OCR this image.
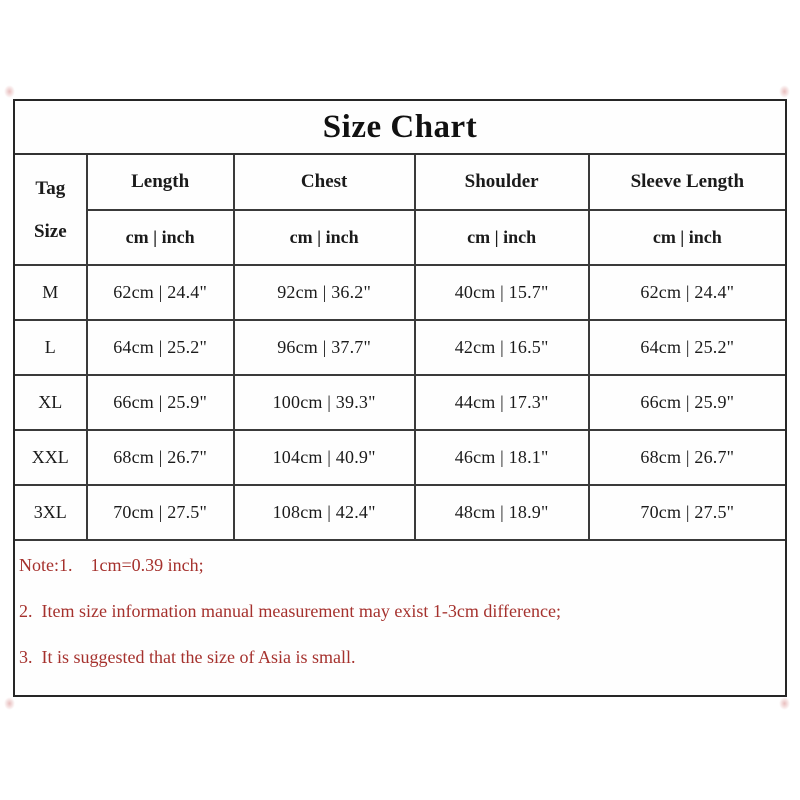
Size Chart
Tag
Size	Length	Chest	Shoulder	Sleeve Length
	cm | inch	cm | inch	cm | inch	cm | inch
M	62cm | 24.4"	92cm | 36.2"	40cm | 15.7"	62cm | 24.4"
L	64cm | 25.2"	96cm | 37.7"	42cm | 16.5"	64cm | 25.2"
XL	66cm | 25.9"	100cm | 39.3"	44cm | 17.3"	66cm | 25.9"
XXL	68cm | 26.7"	104cm | 40.9"	46cm | 18.1"	68cm | 26.7"
3XL	70cm | 27.5"	108cm | 42.4"	48cm | 18.9"	70cm | 27.5"

Note:1.    1cm=0.39 inch;

2.  Item size information manual measurement may exist 1-3cm difference;

3.  It is suggested that the size of Asia is small.
